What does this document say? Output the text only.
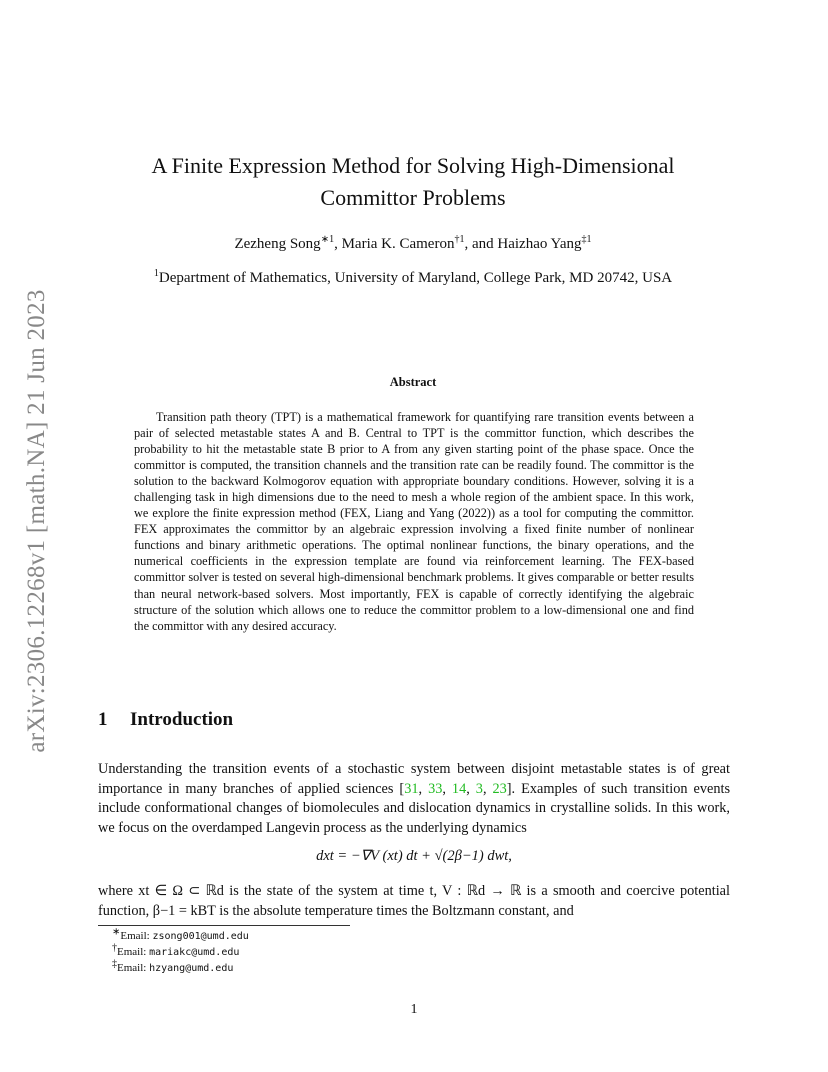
arXiv:2306.12268v1 [math.NA] 21 Jun 2023
A Finite Expression Method for Solving High-Dimensional
Committor Problems
Zezheng Song$^{∗1}$, Maria K. Cameron$^{\dagger 1}$, and Haizhao Yang$^{\ddagger 1}$
$^1$Department of Mathematics, University of Maryland, College Park, MD 20742, USA
Abstract

Transition path theory (TPT) is a mathematical framework for quantifying rare transition events between a pair of selected metastable states A and B. Central to TPT is the committor function, which describes the probability to hit the metastable state B prior to A from any given starting point of the phase space. Once the committor is computed, the transition channels and the transition rate can be readily found. The committor is the solution to the backward Kolmogorov equation with appropriate boundary conditions. However, solving it is a challenging task in high dimensions due to the need to mesh a whole region of the ambient space. In this work, we explore the finite expression method (FEX, Liang and Yang (2022)) as a tool for computing the committor. FEX approximates the committor by an algebraic expression involving a fixed finite number of nonlinear functions and binary arithmetic operations. The optimal nonlinear functions, the binary operations, and the numerical coefficients in the expression template are found via reinforcement learning. The FEX-based committor solver is tested on several high-dimensional benchmark problems. It gives comparable or better results than neural network-based solvers. Most importantly, FEX is capable of correctly identifying the algebraic structure of the solution which allows one to reduce the committor problem to a low-dimensional one and find the committor with any desired accuracy.

1 Introduction

Understanding the transition events of a stochastic system between disjoint metastable states is of great importance in many branches of applied sciences [31, 33, 14, 3, 23]. Examples of such transition events include conformational changes of biomolecules and dislocation dynamics in crystalline solids. In this work, we focus on the overdamped Langevin process as the underlying dynamics

dxt = −∇V (xt) dt + √(2β−1) dwt,

where xt ∈ Ω ⊂ ℝd is the state of the system at time t, V : ℝd → ℝ is a smooth and coercive potential function, β−1 = kBT is the absolute temperature times the Boltzmann constant, and

∗Email: zsong001@umd.edu
†Email: mariakc@umd.edu
‡Email: hzyang@umd.edu
1
